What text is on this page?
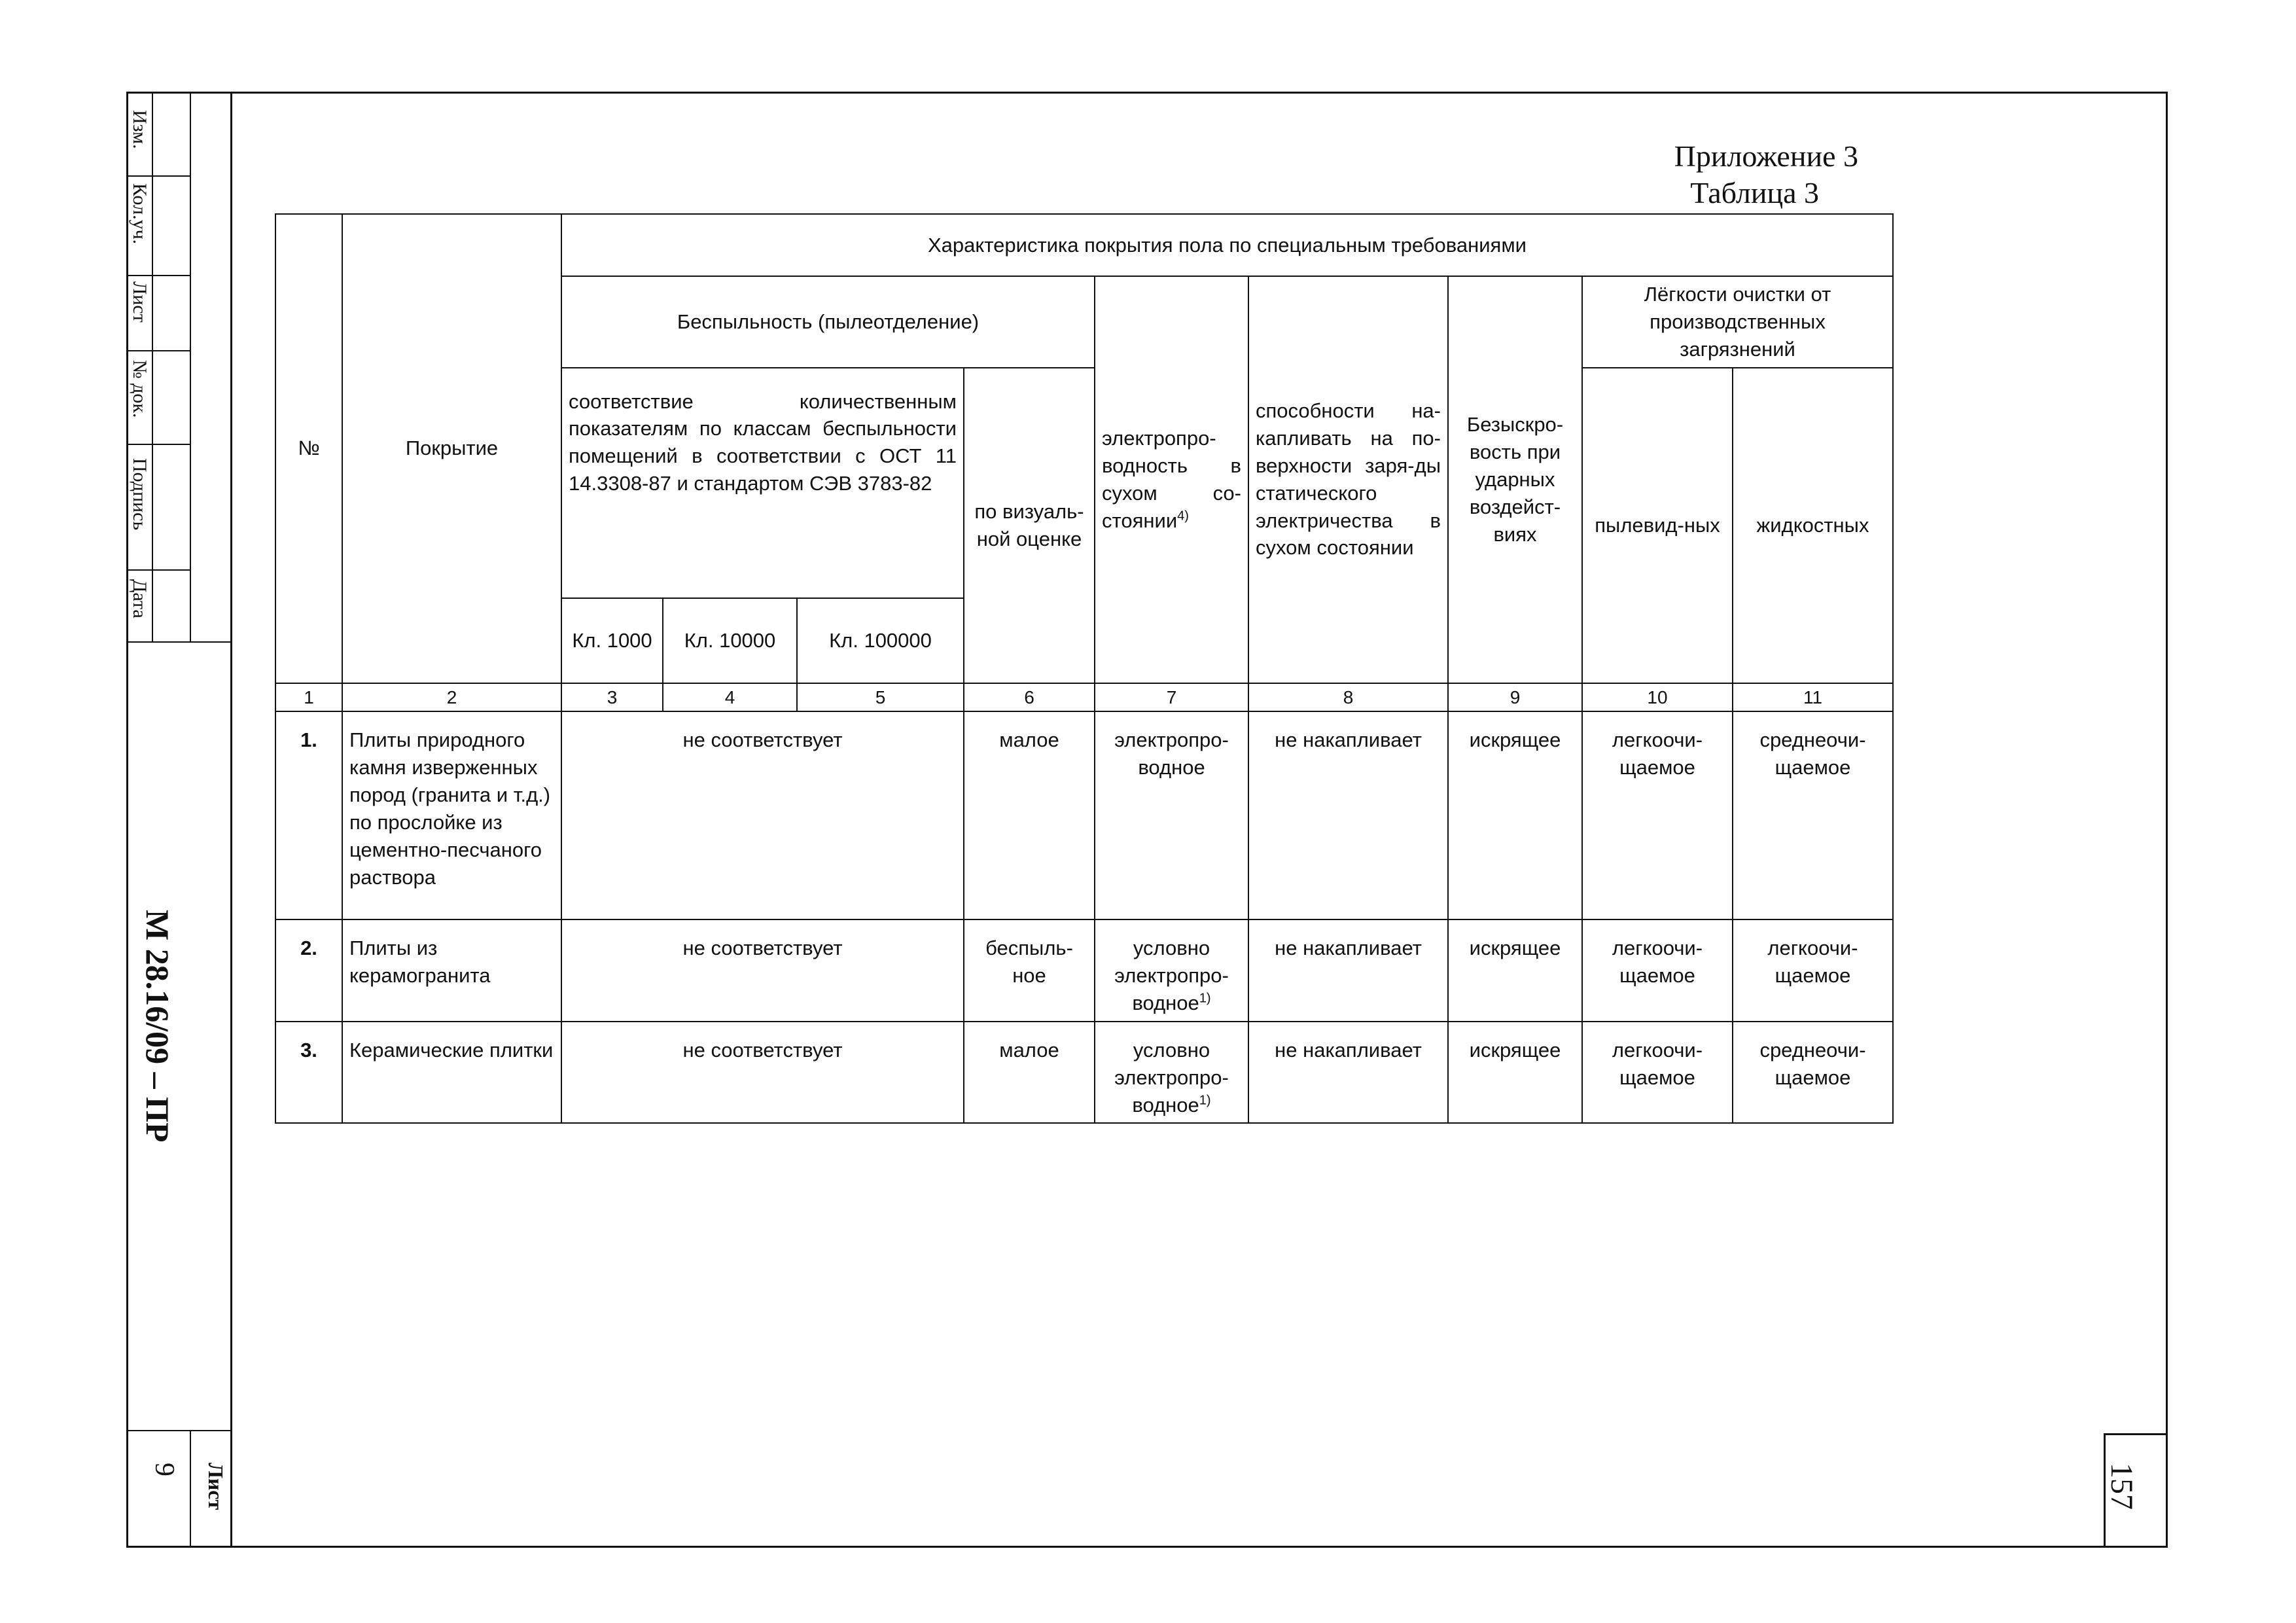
Изм.
Кол.уч.
Лист
№ док.
Подпись
Дата
М 28.16/09 – ПР
Лист
9	157
Приложение 3
Таблица 3
№	Покрытие	Характеристика покрытия пола по специальным требованиями								
		Беспыльность (пылеотделение)				электропро-водность в сухом со-стоянии$^{4)}$	способности на-капливать на по-верхности заря-ды статического электричества в сухом состоянии	Безыскро-вость при ударных воздейст-виях	Лёгкости очистки от производственных загрязнений	
		соответствие количественным показателям по классам беспыльности помещений в соответствии с ОСТ 11 14.3308-87 и стандартом СЭВ 3783-82			по визуаль-ной оценке				пылевид-ных	жидкостных
		Кл. 1000	Кл. 10000	Кл. 100000						
1	2	3	4	5	6	7	8	9	10	11
1.	Плиты природного камня изверженных пород (гранита и т.д.) по прослойке из цементно-песчаного раствора	не соответствует			малое	электропро-водное	не накапливает	искрящее	легкоочи-щаемое	среднеочи-щаемое
2.	Плиты из керамогранита	не соответствует			беспыль-ное	условно электропро-водное$^{1)}$	не накапливает	искрящее	легкоочи-щаемое	легкоочи-щаемое
3.	Керамические плитки	не соответствует			малое	условно электропро-водное$^{1)}$	не накапливает	искрящее	легкоочи-щаемое	среднеочи-щаемое
